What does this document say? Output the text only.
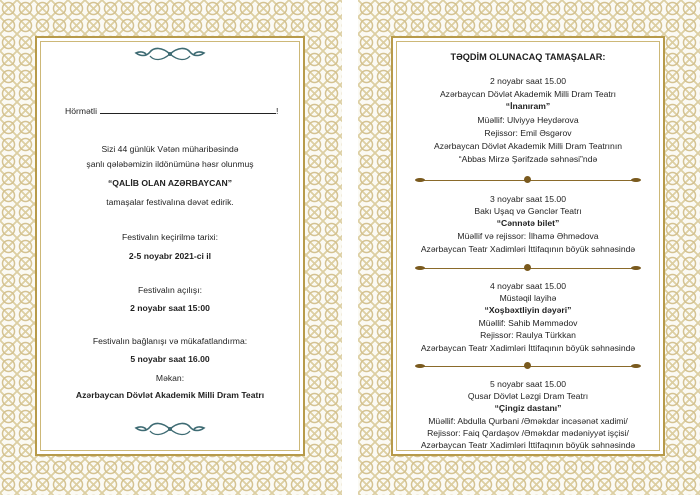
Hörmətli	!
Sizi 44 günlük Vətən müharibəsində
şanlı qələbəmizin ildönümünə həsr olunmuş
“QALİB OLAN AZƏRBAYCAN”
tamaşalar festivalına dəvət edirik.
Festivalın keçirilmə tarixi:
2-5 noyabr 2021-ci il
Festivalın açılışı:
2 noyabr saat 15:00
Festivalın bağlanışı və mükafatlandırma:
5 noyabr saat 16.00
Məkan:
Azərbaycan Dövlət Akademik Milli Dram Teatrı
TƏQDİM OLUNACAQ TAMAŞALAR:
2 noyabr saat 15.00
Azərbaycan Dövlət Akademik Milli Dram Teatrı
“İnanıram”
Müəllif: Ulviyyə Heydərova
Rejissor: Emil Əsgərov
Azərbaycan Dövlət Akademik Milli Dram Teatrının
“Abbas Mirzə Şərifzadə səhnəsi”ndə
3 noyabr saat 15.00
Bakı Uşaq və Gənclər Teatrı
“Cənnətə bilet”
Müəllif və rejissor: İlhamə Əhmədova
Azərbaycan Teatr Xadimləri İttifaqının böyük səhnəsində
4 noyabr saat 15.00
Müstəqil layihə
“Xoşbəxtliyin dəyəri”
Müəllif: Sahib Məmmədov
Rejissor: Raulya Türkkan
Azərbaycan Teatr Xadimləri İttifaqının böyük səhnəsində
5 noyabr saat 15.00
Qusar Dövlət Ləzgi Dram Teatrı
“Çingiz dastanı”
Müəllif: Abdulla Qurbani /Əməkdar incəsənət xadimi/
Rejissor: Faiq Qardaşov /Əməkdar mədəniyyət işçisi/
Azərbaycan Teatr Xadimləri İttifaqının böyük səhnəsində
